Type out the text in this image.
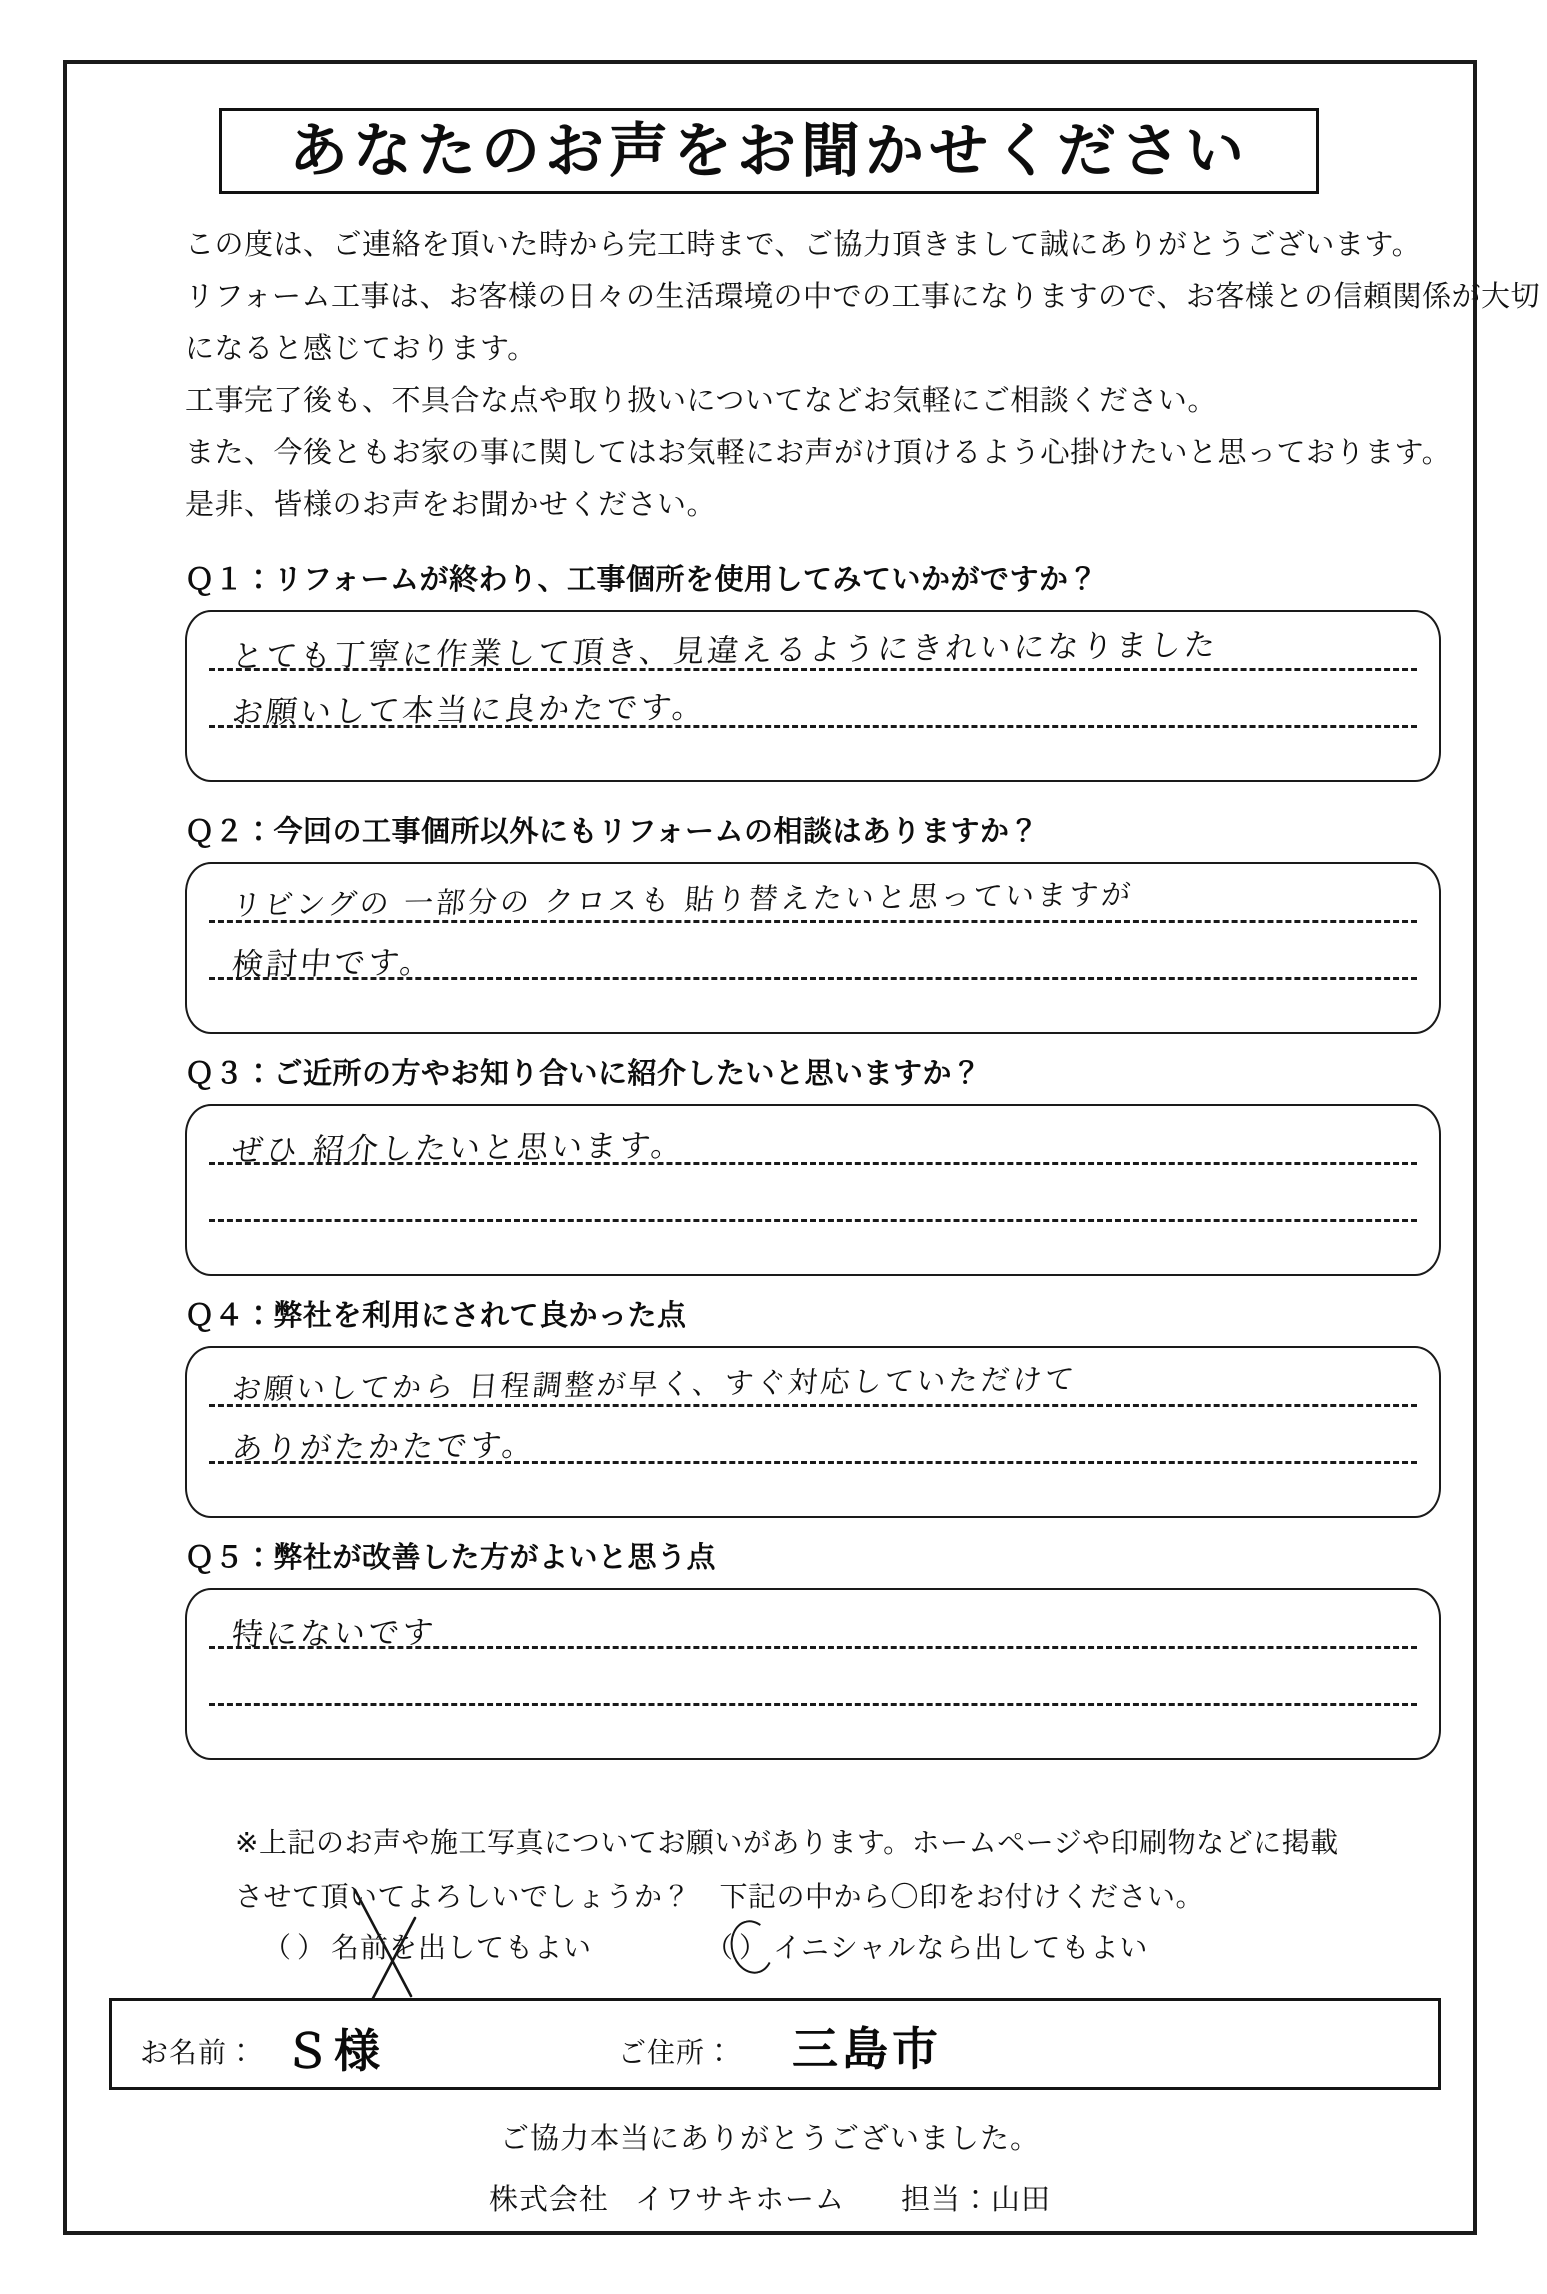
あなたのお声をお聞かせください
この度は、ご連絡を頂いた時から完工時まで、ご協力頂きまして誠にありがとうございます。
リフォーム工事は、お客様の日々の生活環境の中での工事になりますので、お客様との信頼関係が大切
になると感じております。
工事完了後も、不具合な点や取り扱いについてなどお気軽にご相談ください。
また、今後ともお家の事に関してはお気軽にお声がけ頂けるよう心掛けたいと思っております。
是非、皆様のお声をお聞かせください。
Ｑ１：リフォームが終わり、工事個所を使用してみていかがですか？
とても丁寧に作業して頂き、見違えるようにきれいになりました
お願いして本当に良かたです。
Ｑ２：今回の工事個所以外にもリフォームの相談はありますか？
リビングの 一部分の クロスも 貼り替えたいと思っていますが
検討中です。
Ｑ３：ご近所の方やお知り合いに紹介したいと思いますか？
ぜひ 紹介したいと思います。
Ｑ４：弊社を利用にされて良かった点
お願いしてから 日程調整が早く、すぐ対応していただけて
ありがたかたです。
Ｑ５：弊社が改善した方がよいと思う点
特にないです
※上記のお声や施工写真についてお願いがあります。ホームページや印刷物などに掲載
させて頂いてよろしいでしょうか？　下記の中から〇印をお付けください。
（）名前を出してもよい	（）イニシャルなら出してもよい
お名前： Ｓ様	ご住所： 三島市
ご協力本当にありがとうございました。
株式会社 イワサキホーム 担当：山田
